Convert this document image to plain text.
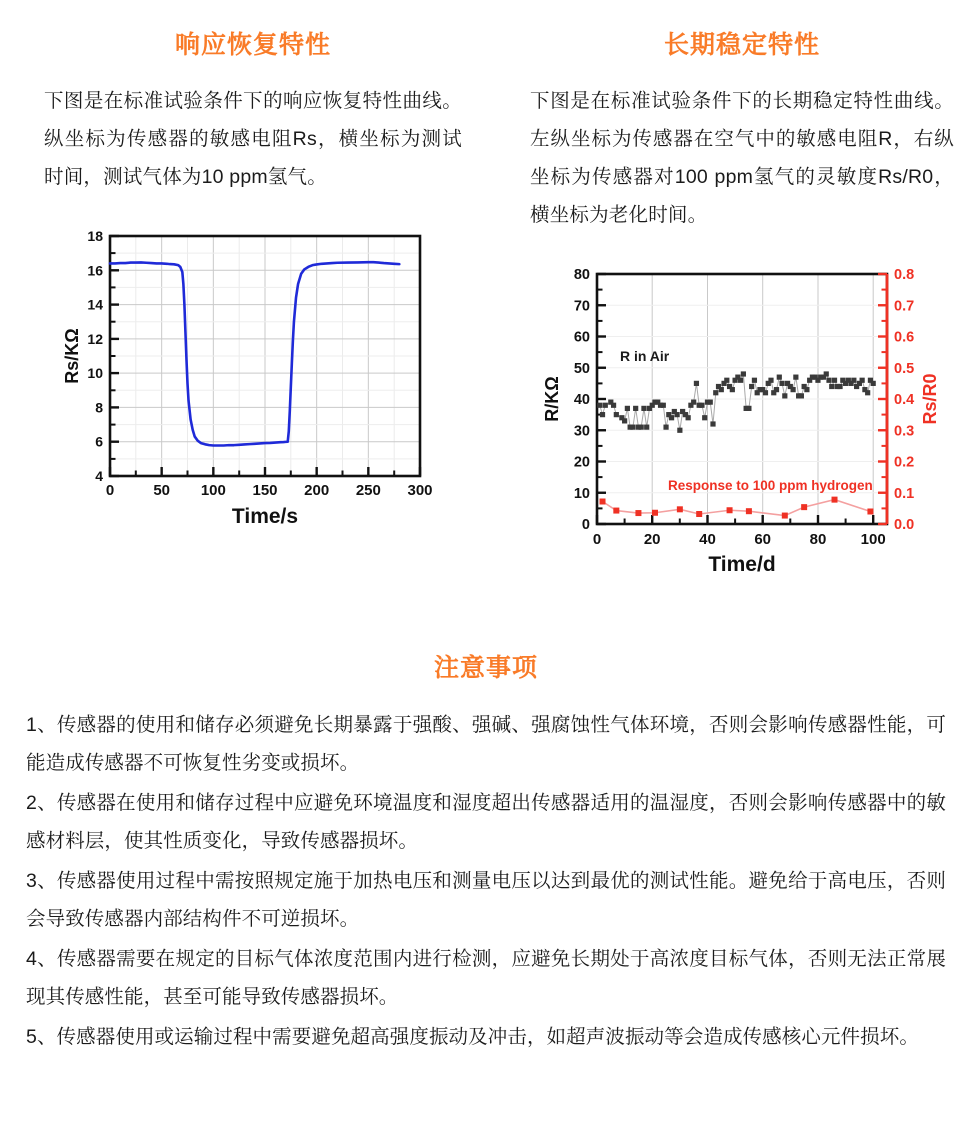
响应恢复特性

下图是在标准试验条件下的响应恢复特性曲线。纵坐标为传感器的敏感电阻Rs，横坐标为测试时间，测试气体为10 ppm氢气。

18
16
14
12
10
8
6
4
0	50 100 150 200 250 300
Rs/KΩ
Time/s
长期稳定特性

下图是在标准试验条件下的长期稳定特性曲线。左纵坐标为传感器在空气中的敏感电阻R，右纵坐标为传感器对100 ppm氢气的灵敏度Rs/R0，横坐标为老化时间。

80
70
60
50
40
30
20
10
0
0.8
0.7
0.6
0.5
0.4
0.3
0.2
0.1
0.0
0	20	40	60	80 100
R in Air
Response to 100 ppm hydrogen
R/KΩ	Rs/R0
Time/d
注意事项

1、传感器的使用和储存必须避免长期暴露于强酸、强碱、强腐蚀性气体环境，否则会影响传感器性能，可能造成传感器不可恢复性劣变或损坏。

2、传感器在使用和储存过程中应避免环境温度和湿度超出传感器适用的温湿度，否则会影响传感器中的敏感材料层，使其性质变化，导致传感器损坏。

3、传感器使用过程中需按照规定施于加热电压和测量电压以达到最优的测试性能。避免给于高电压，否则会导致传感器内部结构件不可逆损坏。

4、传感器需要在规定的目标气体浓度范围内进行检测，应避免长期处于高浓度目标气体，否则无法正常展现其传感性能，甚至可能导致传感器损坏。

5、传感器使用或运输过程中需要避免超高强度振动及冲击，如超声波振动等会造成传感核心元件损坏。
